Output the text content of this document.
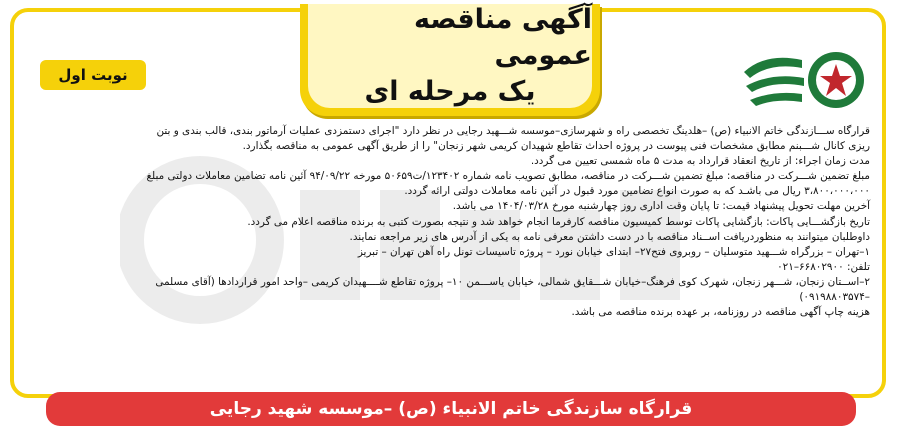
آگهی مناقصه عمومی
یک مرحله ای
نوبت اول

قرارگاه ســـازندگی خاتم الانبیاء (ص) –هلدینگ تخصصی راه و شهرسازی–موسسه شـــهید رجایی در نظر دارد "اجرای دستمزدی عملیات آرماتور بندی، قالب بندی و بتن

ریزی کانال شـــبنم مطابق مشخصات فنی پیوست در پروژه احداث تقاطع شهیدان کریمی شهر زنجان" را از طریق آگهی عمومی به مناقصه بگذارد.

مدت زمان اجراء: از تاریخ انعقاد قرارداد به مدت ۵ ماه شمسی تعیین می گردد.

مبلغ تضمین شـــرکت در مناقصه: مبلغ تضمین شـــرکت در مناقصه، مطابق تصویب نامه شماره ۱۲۳۴۰۲/ت۵۰۶۵۹ مورخه ۹۴/۰۹/۲۲ آئین نامه تضامین معاملات دولتی مبلغ

۳،۸۰۰،۰۰۰،۰۰۰ ریال می باشـد که به صورت انواع تضامین مورد قبول در آئین نامه معاملات دولتی ارائه گردد.

آخرین مهلت تحویل پیشنهاد قیمت: تا پایان وقت اداری روز چهارشنبه مورخ ۱۴۰۴/۰۳/۲۸ می باشد.

تاریخ بازگشـــایی پاکات: بازگشایی پاکات توسط کمیسیون مناقصه کارفرما انجام خواهد شد و نتیجه بصورت کتبی به برنده مناقصه اعلام می گردد.

داوطلبان میتوانند به منظوردریافت اســناد مناقصه با در دست داشتن معرفی نامه به یکی از آدرس های زیر مراجعه نمایند.

۱–تهران – بزرگراه شـــهید متوسلیان – روبروی فتح۲۷– ابتدای خیابان نورد – پروژه تاسیسات تونل راه آهن تهران – تبریز

تلفن: ۶۶۸۰۲۹۰۰–۰۲۱

۲–اســتان زنجان، شـــهر زنجان، شهرک کوی فرهنگ–خیابان شـــقایق شمالی، خیابان یاســـمن ۱۰– پروژه تقاطع شــــهیدان کریمی –واحد امور قراردادها (آقای مسلمی

–۰۹۱۹۸۸۰۳۵۷۴)

هزینه چاپ آگهی مناقصه در روزنامه، بر عهده برنده مناقصه می باشد.

قرارگاه سازندگی خاتم الانبیاء (ص) –موسسه شهید رجایی
